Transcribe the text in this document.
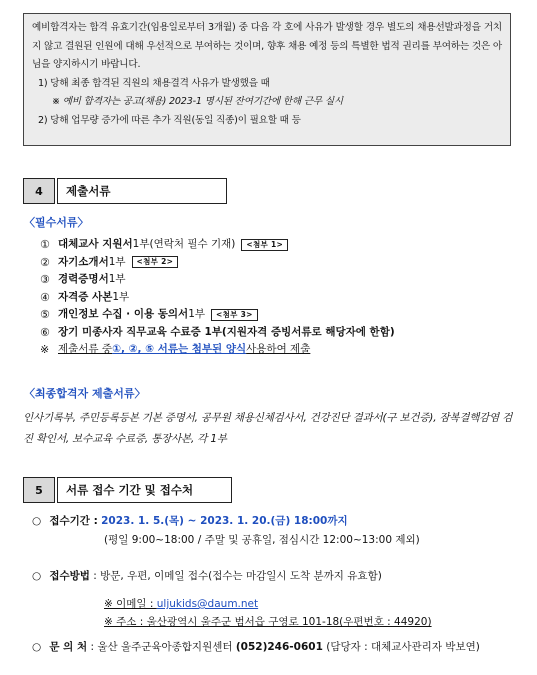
예비합격자는 합격 유효기간(임용일로부터 3개월) 중 다음 각 호에 사유가 발생할 경우 별도의 채용선발과정을 거치지 않고 결원된 인원에 대해 우선적으로 부여하는 것이며, 향후 채용 예정 등의 특별한 법적 권리를 부여하는 것은 아님을 양지하시기 바랍니다.
1) 당해 최종 합격된 직원의 채용결격 사유가 발생했을 때
※ 예비 합격자는 공고(채용) 2023-1 명시된 잔여기간에 한해 근무 실시
2) 당해 업무량 증가에 따른 추가 직원(동일 직종)이 필요할 때 등
4	제출서류
〈필수서류〉
① 대체교사 지원서 1부(연락처 필수 기재)	<첨부 1>
② 자기소개서 1부	<첨부 2>
③ 경력증명서 1부
④ 자격증 사본 1부
⑤ 개인정보 수집 · 이용 동의서 1부	<첨부 3>
⑥ 장기 미종사자 직무교육 수료증 1부(지원자격 증빙서류로 해당자에 한함)
※ 제출서류 중 ①, ②, ⑤ 서류는 첨부된 양식 사용하여 제출
〈최종합격자 제출서류〉
인사기록부, 주민등록등본 기본 증명서, 공무원 채용신체검사서, 건강진단 결과서(구 보건증), 잠복결핵감염 검진 확인서, 보수교육 수료증, 통장사본, 각 1부
5	서류 접수 기간 및 접수처
○ 접수기간 : 2023. 1. 5.(목) ~ 2023. 1. 20.(금) 18:00까지
(평일 9:00~18:00 / 주말 및 공휴일, 점심시간 12:00~13:00 제외)
○ 접수방법 : 방문, 우편, 이메일 접수(접수는 마감일시 도착 분까지 유효함)
※ 이메일 : uljukids@daum.net
※ 주소 : 울산광역시 울주군 범서읍 구영로 101-18(우편번호 : 44920)
○ 문 의 처 : 울산 울주군육아종합지원센터 (052)246-0601 (담당자 : 대체교사관리자 박보연)
